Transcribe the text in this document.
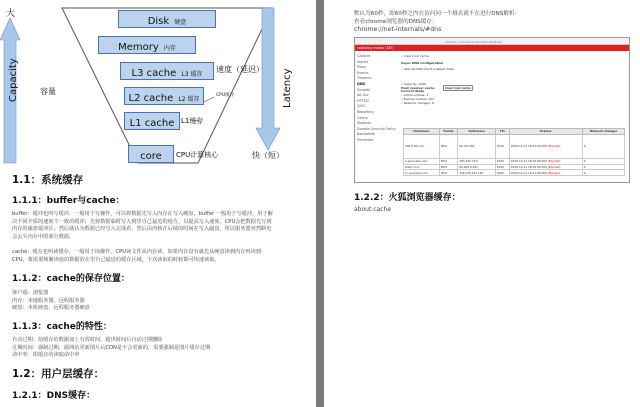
大
Capacity	容量
速度（延迟） Latency
快（短）
CPU缓存
L1缓存
Disk 硬盘
Memory 内存
L3 cache L3 缓存
L2 cache L2 缓存
L1 cache
core	CPU计算核心
1.1：系统缓存
1.1.1：buffer与cache：
buffer：缓冲也叫写缓冲，一般用于写操作，可以将数据先写入内存在写入硬盘，buffer 一般用于写缓冲，用于解
决不同介质的速度不一致的缓冲，先将数据临时写入到里自己最近的地方，以提高写入速度，CPU会把数据先写到
内存的磁盘缓冲区，然后就认为数据已经写入完成看，然后由内核在后续的时间在写入磁盘，所以服务器突然断电
会丢失内存中的部分数据。
cache：缓存也叫读缓存，一般用于读操作，CPU读文件从内存读，如果内存没有就先从硬盘读到内存再读到
CPU，将需要频繁读取的数据放在里自己最近的缓存区域，下次读取的时候即可快速读取。
1.1.2：cache的保存位置：
客户端：浏览器
内存：本地服务器、远程服务器
硬盘：本机硬盘、远程服务器硬盘
1.1.3：cache的特性：
自动过期：给缓存的数据加上有效时间，超出时间后自动过期删除
过期时间：强制过期，源网站更新图片后CDN是不会更新的，需要强制是图片缓存过期
命中率：即缓存的读取命中率
1.2：用户层缓存：
1.2.1：DNS缓存：
默认为60秒，即60秒之内在访问同一个域名就不在进行DNS解析：
查看chrome浏览器的DNS缓存：
chrome://net-internals/#dns
Chrome | chrome://net-internals/#dns
capturing events (183)
Capture
Import
Proxy
Events
Timeline
DNS
Sockets
Alt-Svc
HTTP/2
QUIC
Reporting
Cache
Modules
Domain Security Policy
Bandwidth
Prerender
• Clear host cache
Async DNS Configuration
• Internal DNS client enabled: false
Host resolver cache	Clear host cache
• Capacity: 1000
Current State
• Active entries: 3
• Expired entries: 123
• Network changes: 0
Hostname	Family	Addresses	TTL	Expires	Network changes
206.0.00.com	IPV4	00.0.0.181	1000	2018-12-11 18:29:05.000 [Expired]	0
1.generate.com	IPV4	183.232.74.0	1000	2018-12-11 18:18:00.000 [Expired]	0
static.com	IPV4	00.000.0.181	1000	2018-12-11 18:19:05.000 [Expired]	0
sc.example.com	IPV4	118.178.230.187	1000	2018-12-11 18:11:00.000 [Expired]	0
1.2.2：火狐浏览器缓存：
about:cache
